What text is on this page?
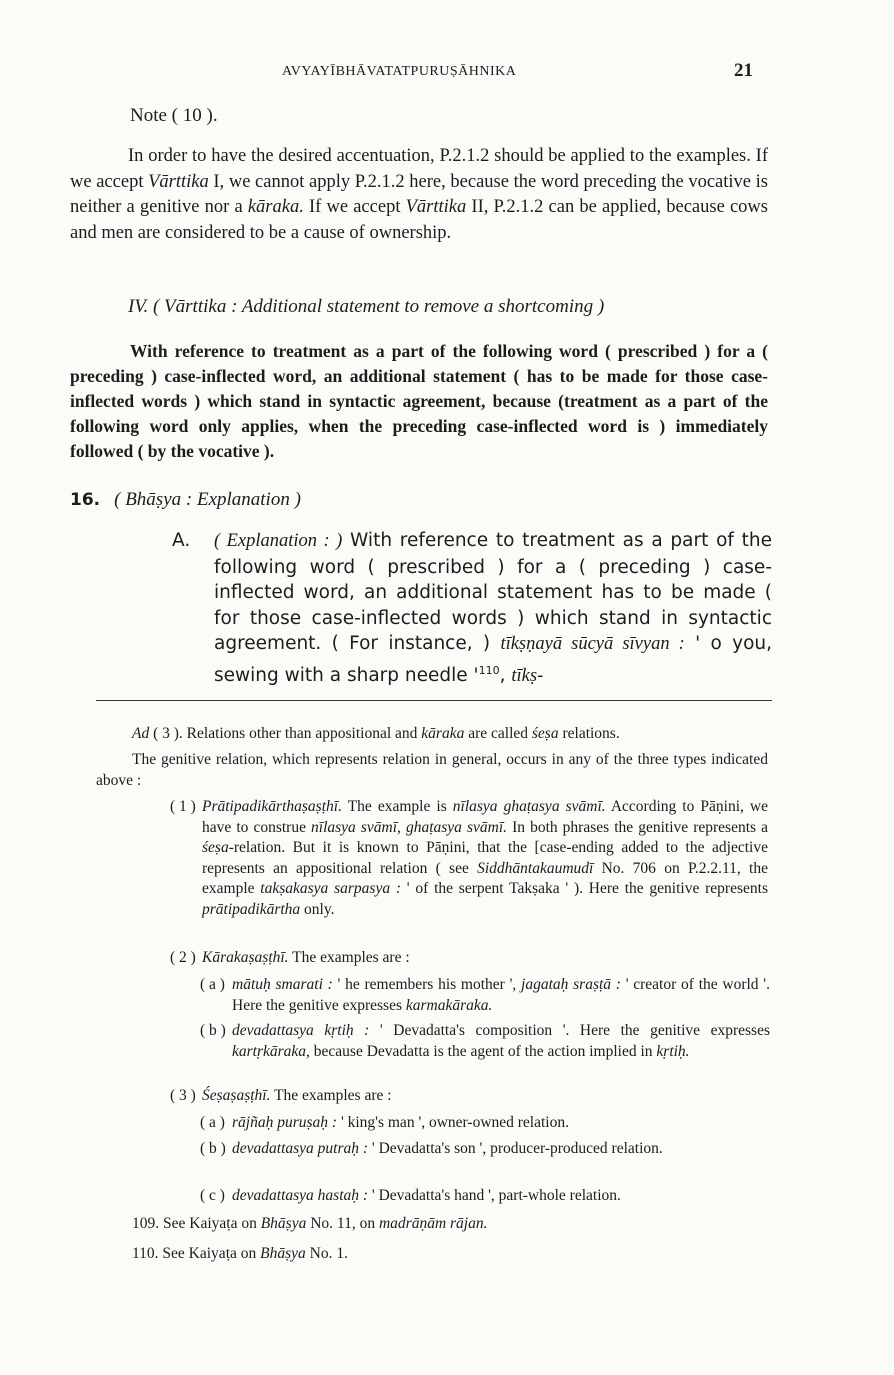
AVYAYĪBHĀVATATPURUṢĀHNIKA	21
Note ( 10 ).
In order to have the desired accentuation, P.2.1.2 should be applied to the examples. If we accept Vārttika I, we cannot apply P.2.1.2 here, because the word preceding the vocative is neither a genitive nor a kāraka. If we accept Vārttika II, P.2.1.2 can be applied, because cows and men are considered to be a cause of ownership.
IV. ( Vārttika : Additional statement to remove a shortcoming )
With reference to treatment as a part of the following word ( prescribed ) for a ( preceding ) case-inflected word, an additional statement ( has to be made for those case-inflected words ) which stand in syntactic agreement, because (treatment as a part of the following word only applies, when the preceding case-inflected word is ) immediately followed ( by the vocative ).
16. ( Bhāṣya : Explanation )
A. ( Explanation : ) With reference to treatment as a part of the following word ( prescribed ) for a ( preceding ) case-inflected word, an additional statement has to be made ( for those case-inflected words ) which stand in syntactic agreement. ( For instance, ) tīkṣṇayā sūcyā sīvyan : ' o you, sewing with a sharp needle '$^{110}$, tīkṣ-
Ad ( 3 ). Relations other than appositional and kāraka are called śeṣa relations.
The genitive relation, which represents relation in general, occurs in any of the three types indicated above :
( 1 ) Prātipadikārthaṣaṣṭhī. The example is nīlasya ghaṭasya svāmī. According to Pāṇini, we have to construe nīlasya svāmī, ghaṭasya svāmī. In both phrases the genitive represents a śeṣa-relation. But it is known to Pāṇini, that the [case-ending added to the adjective represents an appositional relation ( see Siddhāntakaumudī No. 706 on P.2.2.11, the example takṣakasya sarpasya : ' of the serpent Takṣaka ' ). Here the genitive represents prātipadikārtha only.
( 2 ) Kārakaṣaṣṭhī. The examples are :
( a ) mātuḥ smarati : ' he remembers his mother ', jagataḥ sraṣṭā : ' creator of the world '. Here the genitive expresses karmakāraka.
( b ) devadattasya kṛtiḥ : ' Devadatta's composition '. Here the genitive expresses kartṛkāraka, because Devadatta is the agent of the action implied in kṛtiḥ.
( 3 ) Śeṣaṣaṣṭhī. The examples are :
( a ) rājñaḥ puruṣaḥ : ' king's man ', owner-owned relation.
( b ) devadattasya putraḥ : ' Devadatta's son ', producer-produced relation.
( c ) devadattasya hastaḥ : ' Devadatta's hand ', part-whole relation.
109. See Kaiyaṭa on Bhāṣya No. 11, on madrāṇām rājan.
110. See Kaiyaṭa on Bhāṣya No. 1.
